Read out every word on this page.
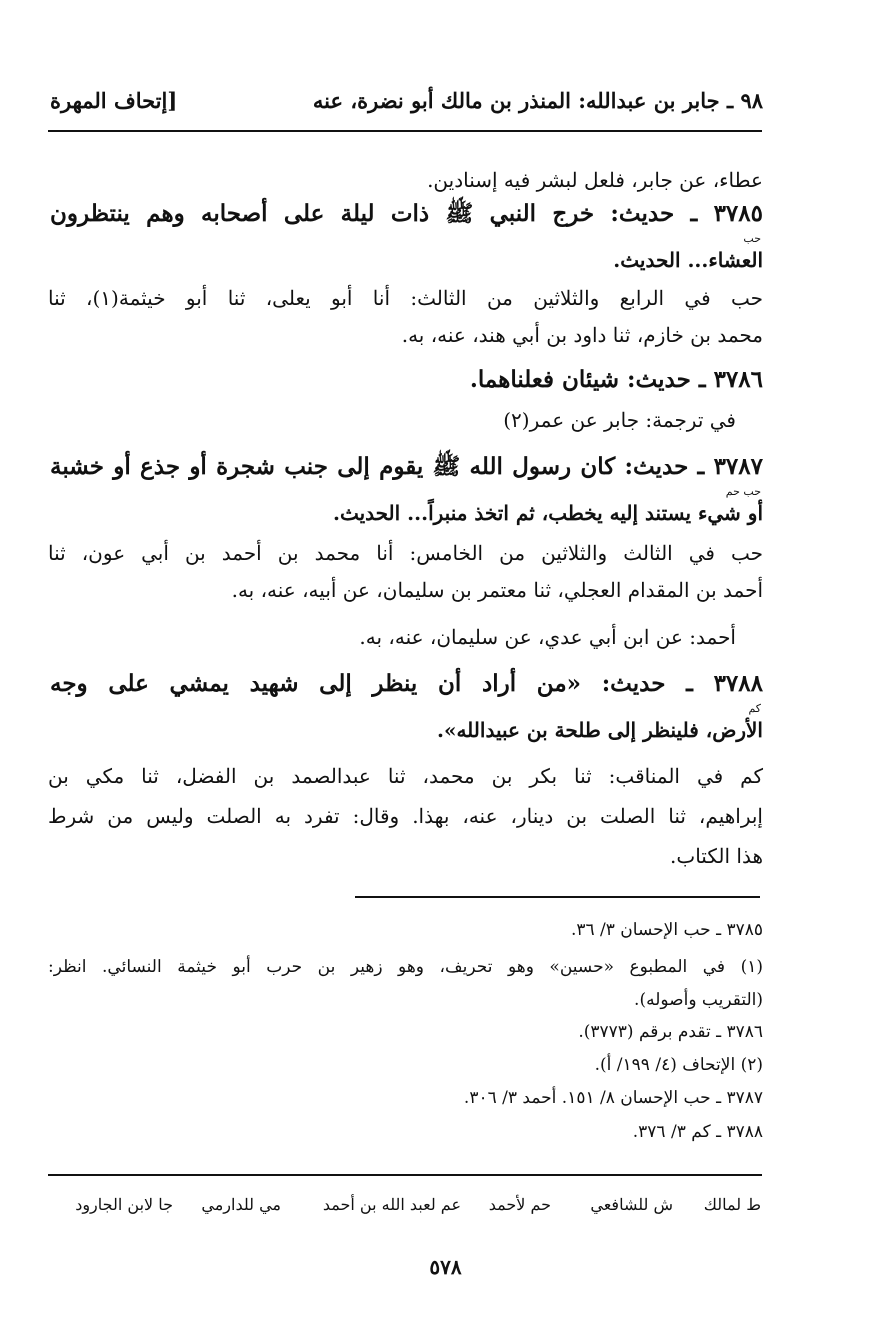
٩٨ ـ جابر بن عبدالله: المنذر بن مالك أبو نضرة، عنه
[إتحاف المهرة
عطاء، عن جابر، فلعل لبشر فيه إسنادين.
٣٧٨٥ ـ حديث: خرج النبي ﷺ ذات ليلة على أصحابه وهم ينتظرون
حب
العشاء... الحديث.
حب في الرابع والثلاثين من الثالث: أنا أبو يعلى، ثنا أبو خيثمة(١)، ثنا
محمد بن خازم، ثنا داود بن أبي هند، عنه، به.
٣٧٨٦ ـ حديث: شيئان فعلناهما.
في ترجمة: جابر عن عمر(٢)
٣٧٨٧ ـ حديث: كان رسول الله ﷺ يقوم إلى جنب شجرة أو جذع أو خشبة
حب حم
أو شيء يستند إليه يخطب، ثم اتخذ منبراً... الحديث.
حب في الثالث والثلاثين من الخامس: أنا محمد بن أحمد بن أبي عون، ثنا
أحمد بن المقدام العجلي، ثنا معتمر بن سليمان، عن أبيه، عنه، به.
أحمد: عن ابن أبي عدي، عن سليمان، عنه، به.
٣٧٨٨ ـ حديث: «من أراد أن ينظر إلى شهيد يمشي على وجه
كم
الأرض، فلينظر إلى طلحة بن عبيدالله».
كم في المناقب: ثنا بكر بن محمد، ثنا عبدالصمد بن الفضل، ثنا مكي بن
إبراهيم، ثنا الصلت بن دينار، عنه، بهذا. وقال: تفرد به الصلت وليس من شرط
هذا الكتاب.
٣٧٨٥ ـ حب الإحسان ٣/ ٣٦.
(١) في المطبوع «حسين» وهو تحريف، وهو زهير بن حرب أبو خيثمة النسائي. انظر:
(التقريب وأصوله).
٣٧٨٦ ـ تقدم برقم (٣٧٧٣).
(٢) الإتحاف (٤/ ١٩٩/ أ).
٣٧٨٧ ـ حب الإحسان ٨/ ١٥١. أحمد ٣/ ٣٠٦.
٣٧٨٨ ـ كم ٣/ ٣٧٦.
ط لمالك
ش للشافعي
حم لأحمد
عم لعبد الله بن أحمد
مي للدارمي
جا لابن الجارود
٥٧٨
